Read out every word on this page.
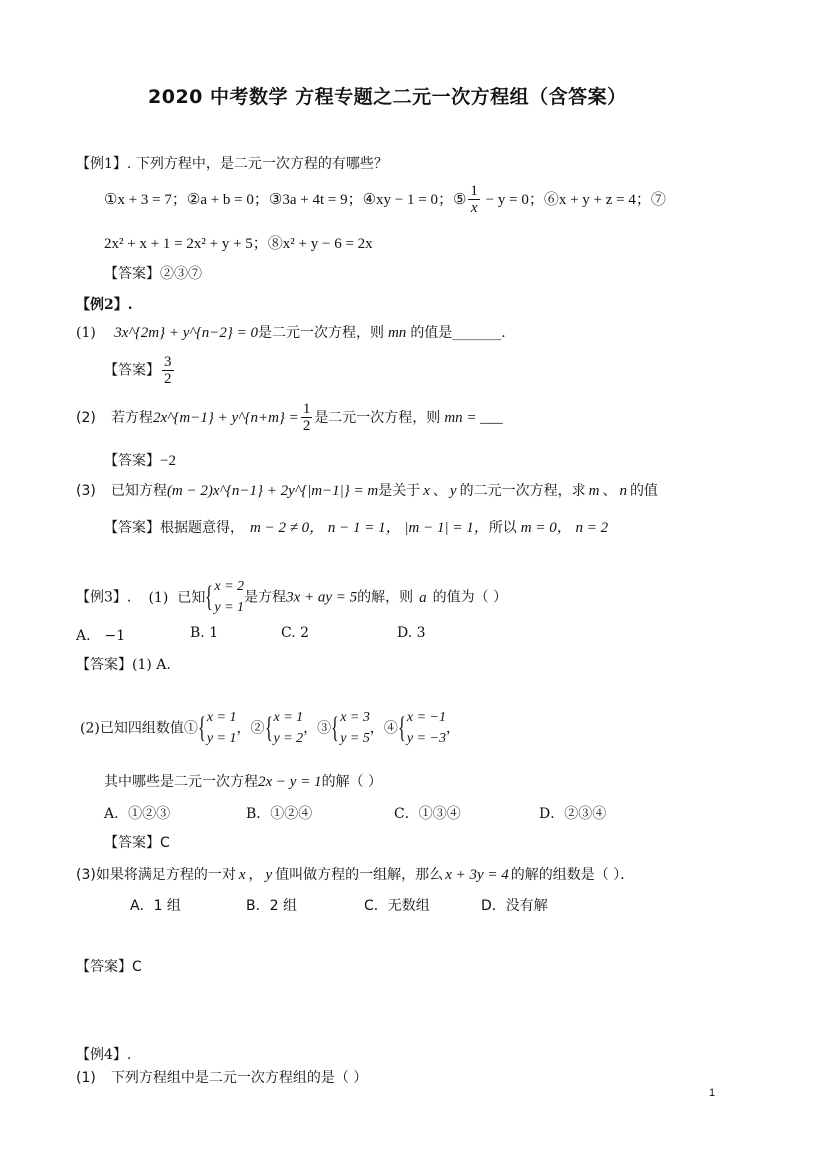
2020 中考数学 方程专题之二元一次方程组（含答案）
【例1】. 下列方程中，是二元一次方程的有哪些？
①x + 3 = 7；②a + b = 0；③3a + 4t = 9；④xy − 1 = 0；⑤ $\frac{1}{x} - y = 0$；⑥x + y + z = 4；⑦
2x² + x + 1 = 2x² + y + 5；⑧x² + y − 6 = 2x
【答案】②③⑦
【例2】.
(1) 3x^{2m} + y^{n−2} = 0是二元一次方程，则 mn 的值是_______.
【答案】 $\frac{3}{2}$
(2) 若方程2x^{m−1} + y^{n+m} = $\frac{1}{2}$ 是二元一次方程，则 mn = ___
【答案】−2
(3) 已知方程(m − 2)x^{n−1} + 2y^{|m−1|} = m是关于 x 、 y 的二元一次方程，求 m 、 n 的值
【答案】根据题意得， m − 2 ≠ 0， n − 1 = 1， |m − 1| = 1，所以 m = 0， n = 2
【例3】. (1) 已知 { x = 2
y = 1
是方程3x + ay = 5的解，则 a 的值为（ ）
A． −1	B. 1	C. 2	D. 3
【答案】(1) A.
(2)已知四组数值① { x = 1
y = 1
，② { x = 1
y = 2
，③ { x = 3
y = 5
，④ { x = −1
y = −3
，
其中哪些是二元一次方程2x − y = 1的解（ ）
A．①②③	B．①②④	C．①③④	D．②③④
【答案】C
(3)如果将满足方程的一对 x ， y 值叫做方程的一组解，那么 x + 3y = 4 的解的组数是（ ）．
A．1 组	B．2 组	C．无数组	D．没有解
【答案】C
【例4】.
(1) 下列方程组中是二元一次方程组的是（ ）
1
